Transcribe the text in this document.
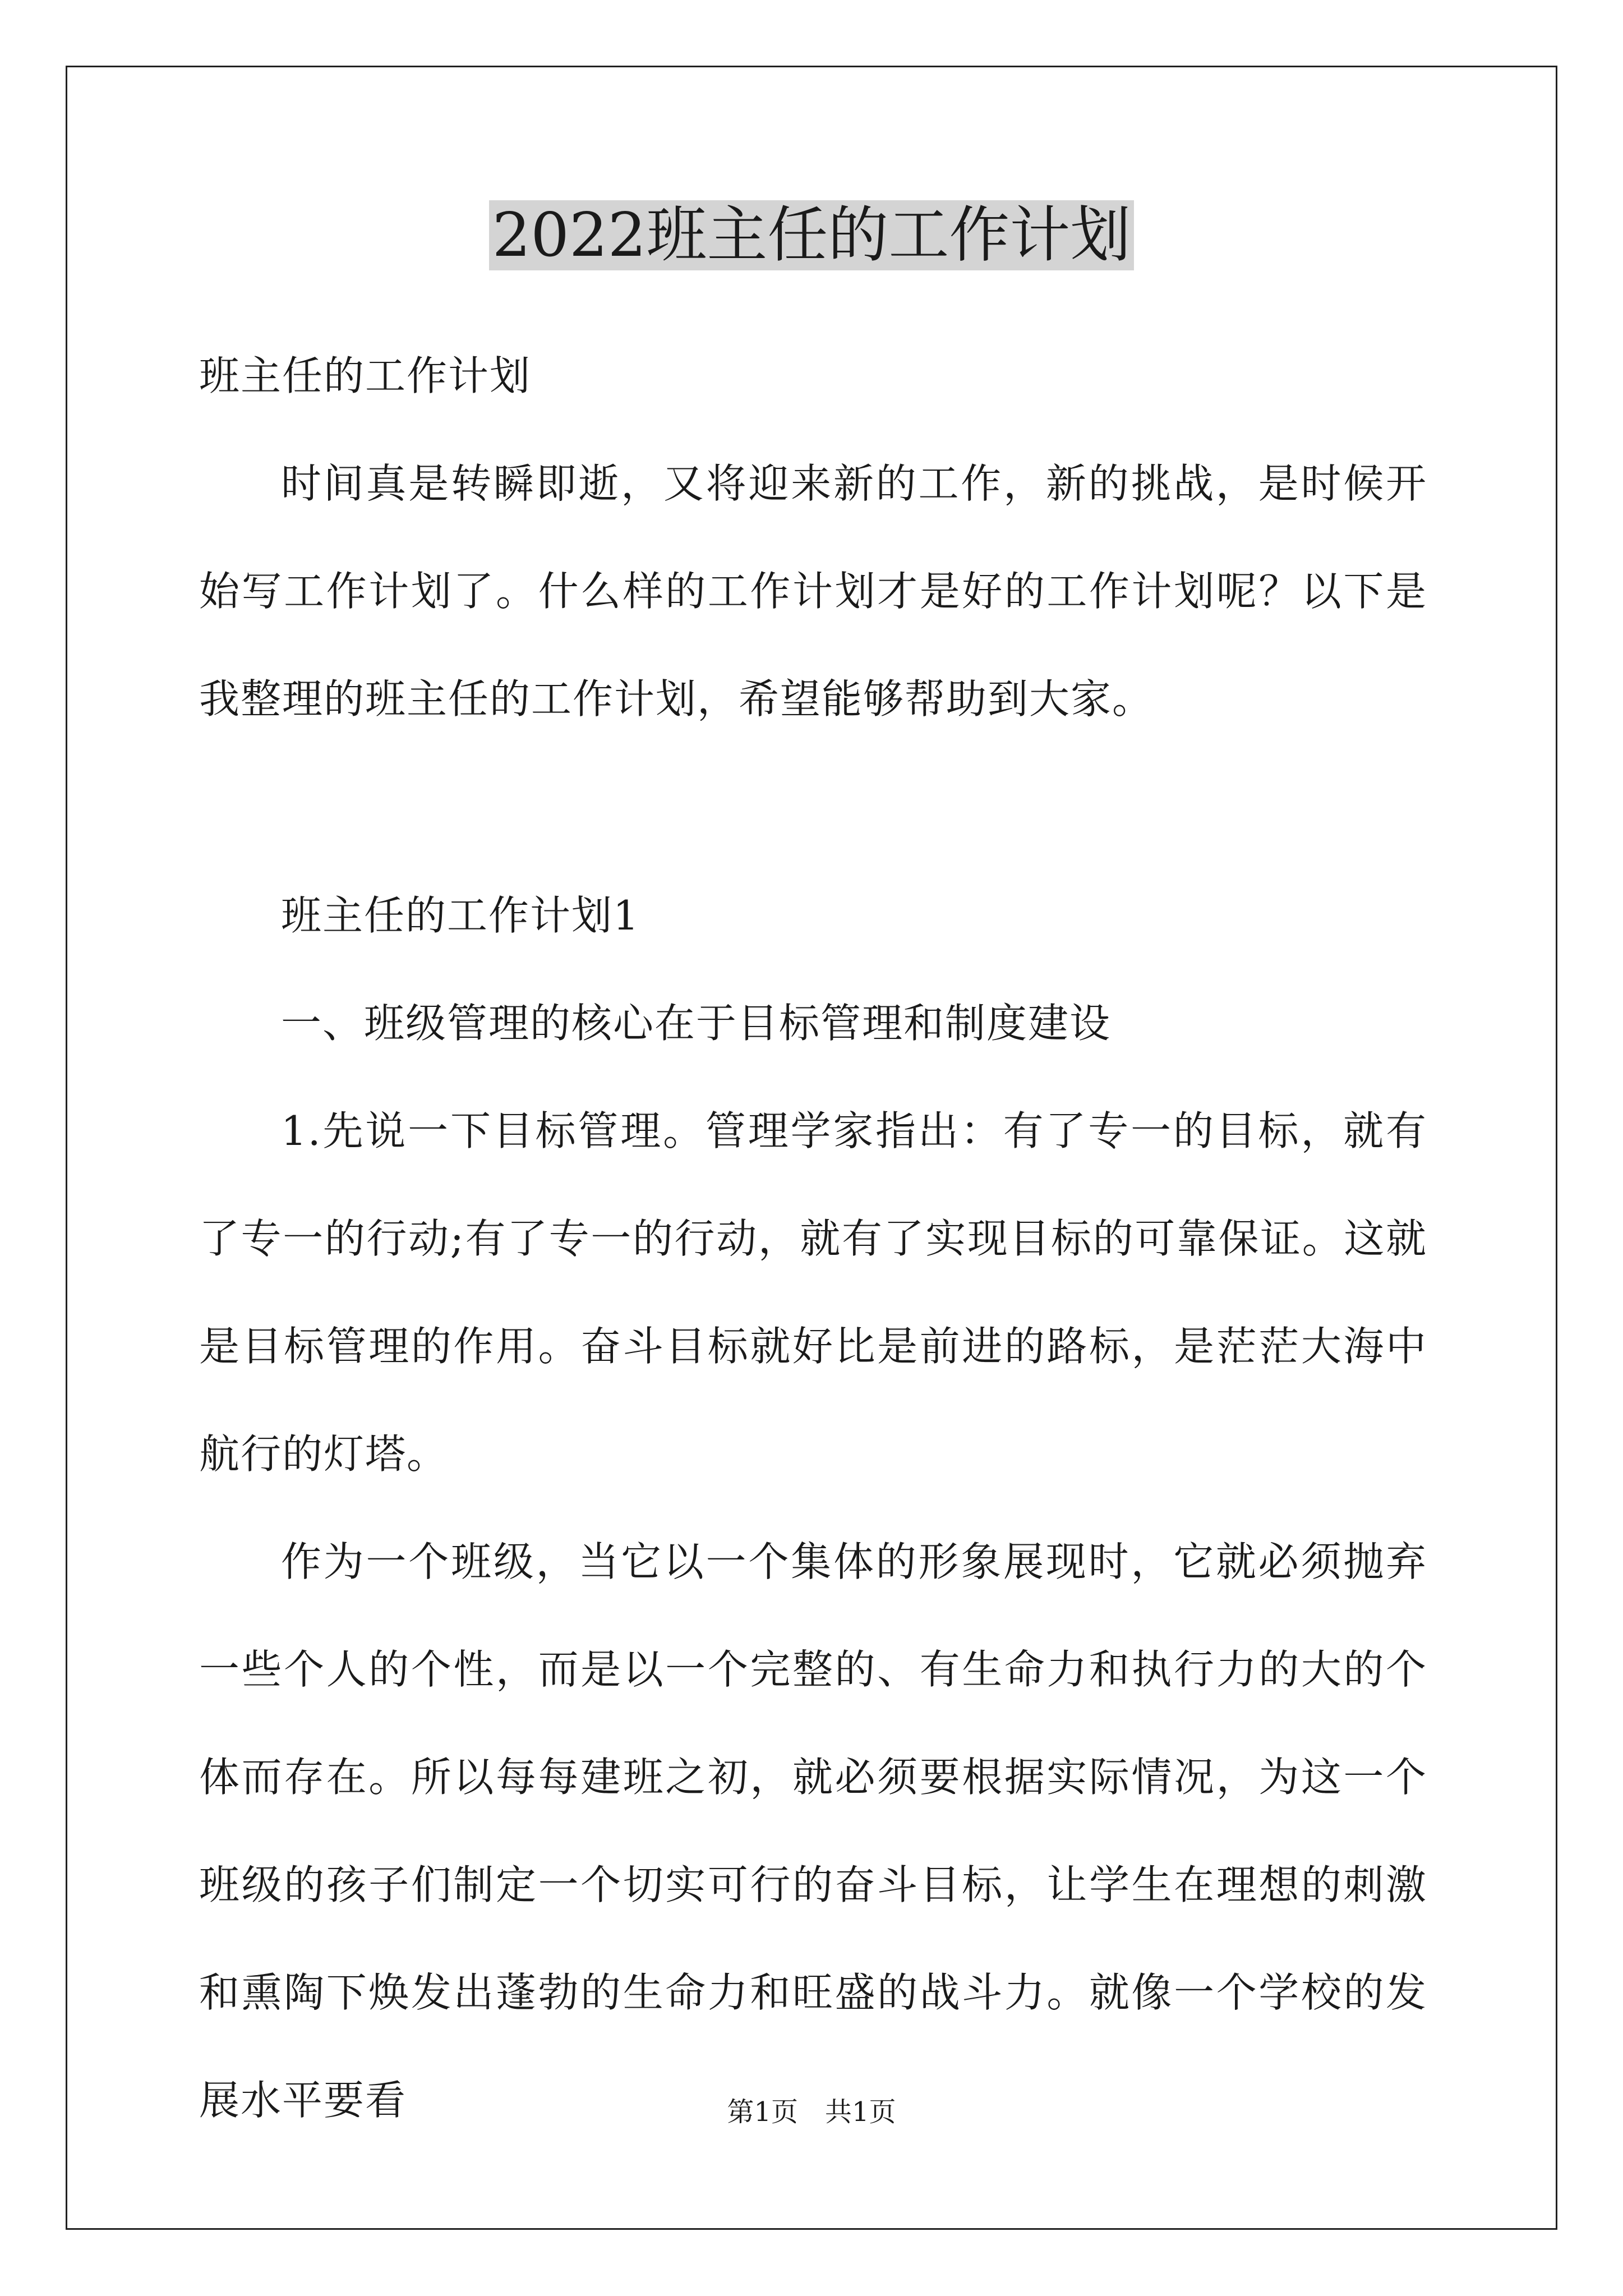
2022班主任的工作计划

班主任的工作计划

时间真是转瞬即逝，又将迎来新的工作，新的挑战，是时候开始写工作计划了。什么样的工作计划才是好的工作计划呢？以下是我整理的班主任的工作计划，希望能够帮助到大家。

班主任的工作计划1

一、班级管理的核心在于目标管理和制度建设

1.先说一下目标管理。管理学家指出：有了专一的目标，就有了专一的行动;有了专一的行动，就有了实现目标的可靠保证。这就是目标管理的作用。奋斗目标就好比是前进的路标，是茫茫大海中航行的灯塔。

作为一个班级，当它以一个集体的形象展现时，它就必须抛弃一些个人的个性，而是以一个完整的、有生命力和执行力的大的个体而存在。所以每每建班之初，就必须要根据实际情况，为这一个班级的孩子们制定一个切实可行的奋斗目标，让学生在理想的刺激和熏陶下焕发出蓬勃的生命力和旺盛的战斗力。就像一个学校的发展水平要看	第1页 共1页
